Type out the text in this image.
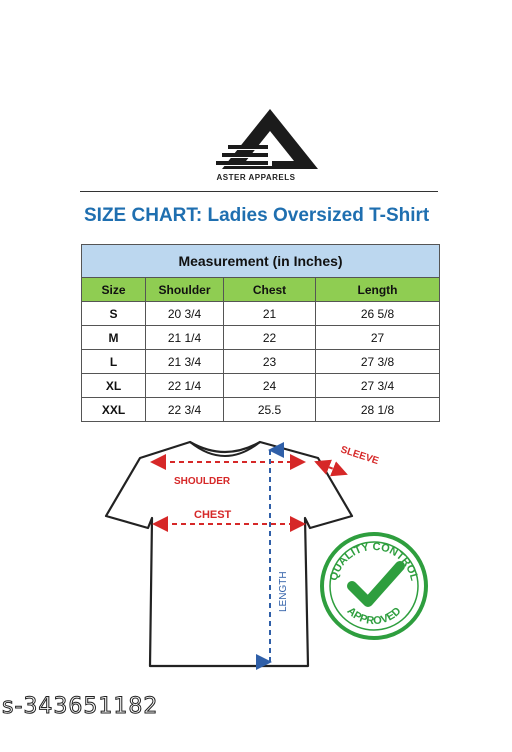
ASTER APPARELS
SIZE CHART: Ladies Oversized T-Shirt
Measurement (in Inches)			
Size	Shoulder	Chest	Length
S	20 3/4	21	26 5/8
M	21 1/4	22	27
L	21 3/4	23	27 3/8
XL	22 1/4	24	27 3/4
XXL	22 3/4	25.5	28 1/8
SHOULDER
CHEST
SLEEVE
LENGTH	QUALITY CONTROL
APPROVED
s-343651182
